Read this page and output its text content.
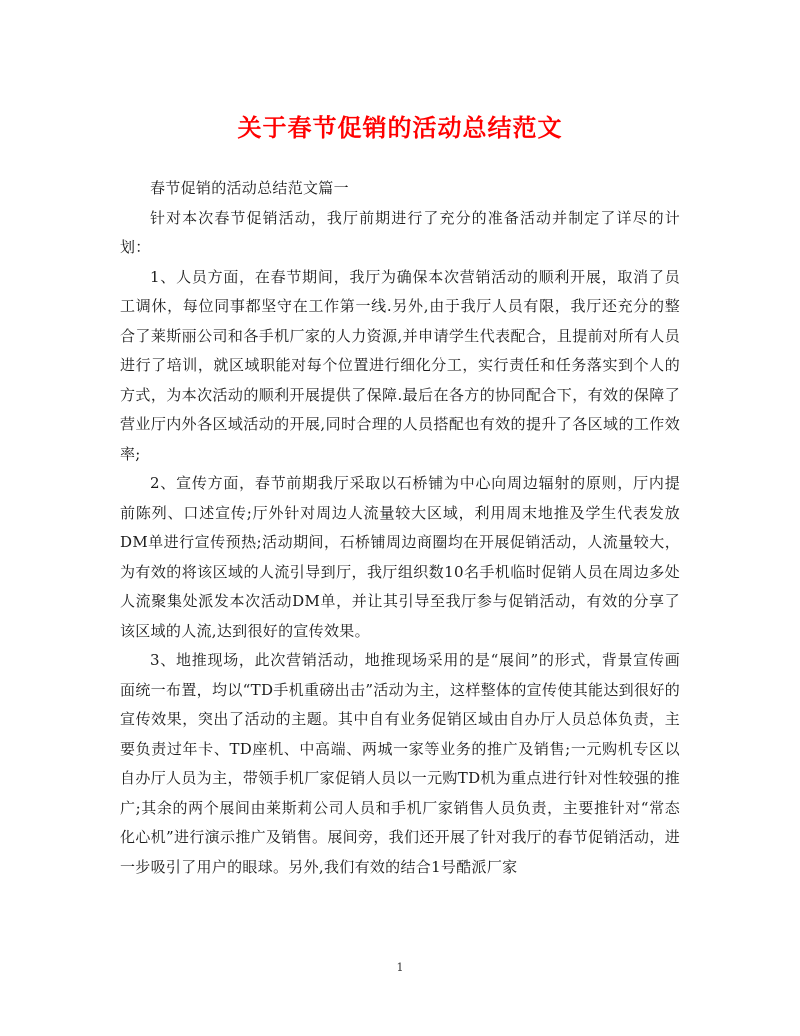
关于春节促销的活动总结范文

春节促销的活动总结范文篇一

针对本次春节促销活动，我厅前期进行了充分的准备活动并制定了详尽的计划：

1、人员方面，在春节期间，我厅为确保本次营销活动的顺利开展，取消了员工调休，每位同事都坚守在工作第一线.另外,由于我厅人员有限，我厅还充分的整合了莱斯丽公司和各手机厂家的人力资源,并申请学生代表配合，且提前对所有人员进行了培训，就区域职能对每个位置进行细化分工，实行责任和任务落实到个人的方式，为本次活动的顺利开展提供了保障.最后在各方的协同配合下，有效的保障了营业厅内外各区域活动的开展,同时合理的人员搭配也有效的提升了各区域的工作效率;

2、宣传方面，春节前期我厅采取以石桥铺为中心向周边辐射的原则，厅内提前陈列、口述宣传;厅外针对周边人流量较大区域，利用周末地推及学生代表发放DM单进行宣传预热;活动期间，石桥铺周边商圈均在开展促销活动，人流量较大，为有效的将该区域的人流引导到厅，我厅组织数10名手机临时促销人员在周边多处人流聚集处派发本次活动DM单，并让其引导至我厅参与促销活动，有效的分享了该区域的人流,达到很好的宣传效果。

3、地推现场，此次营销活动，地推现场采用的是“展间”的形式，背景宣传画面统一布置，均以“TD手机重磅出击”活动为主，这样整体的宣传使其能达到很好的宣传效果，突出了活动的主题。其中自有业务促销区域由自办厅人员总体负责，主要负责过年卡、TD座机、中高端、两城一家等业务的推广及销售;一元购机专区以自办厅人员为主，带领手机厂家促销人员以一元购TD机为重点进行针对性较强的推广;其余的两个展间由莱斯莉公司人员和手机厂家销售人员负责，主要推针对“常态化心机”进行演示推广及销售。展间旁，我们还开展了针对我厅的春节促销活动，进一步吸引了用户的眼球。另外,我们有效的结合1号酷派厂家

1
